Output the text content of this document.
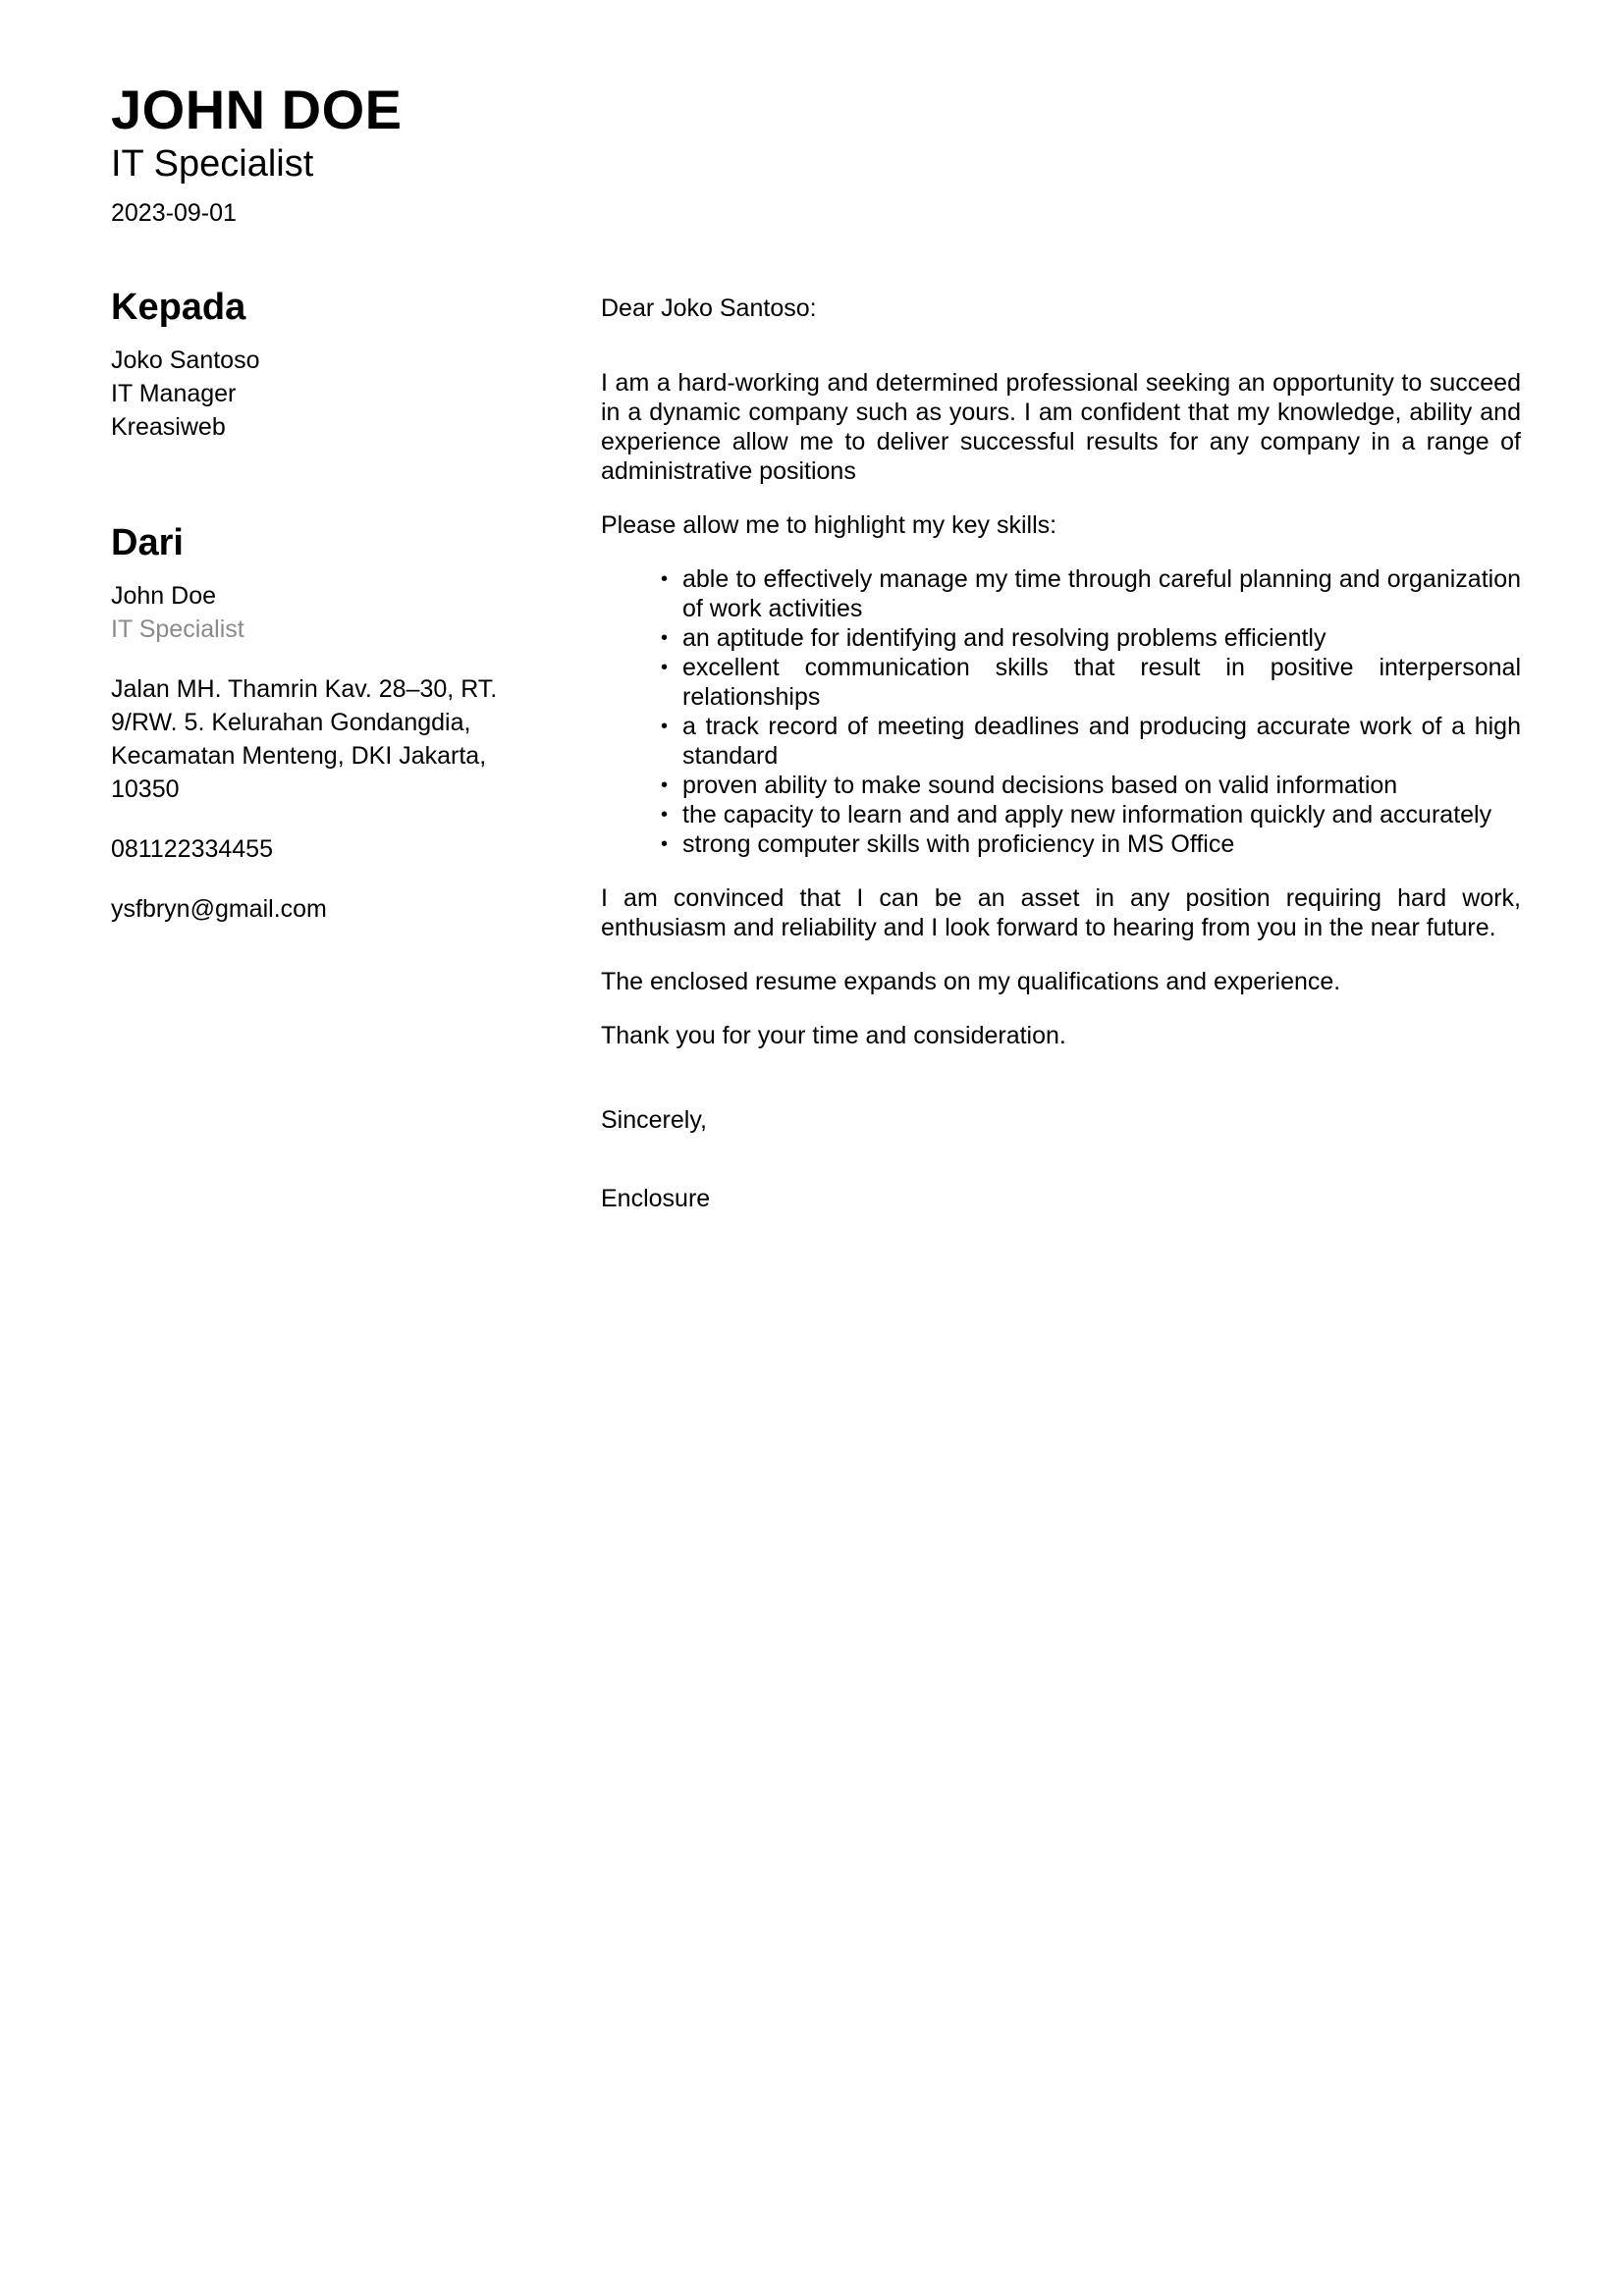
JOHN DOE
IT Specialist
2023-09-01
Kepada
Joko Santoso
IT Manager
Kreasiweb
Dari
John Doe
IT Specialist
Jalan MH. Thamrin Kav. 28–30, RT. 9/RW. 5. Kelurahan Gondangdia, Kecamatan Menteng, DKI Jakarta, 10350
081122334455
ysfbryn@gmail.com

Dear Joko Santoso:

I am a hard-working and determined professional seeking an opportunity to succeed in a dynamic company such as yours. I am confident that my knowledge, ability and experience allow me to deliver successful results for any company in a range of administrative positions

Please allow me to highlight my key skills:

• able to effectively manage my time through careful planning and organization of work activities
• an aptitude for identifying and resolving problems efficiently
• excellent communication skills that result in positive interpersonal relationships
• a track record of meeting deadlines and producing accurate work of a high standard
• proven ability to make sound decisions based on valid information
• the capacity to learn and and apply new information quickly and accurately
• strong computer skills with proficiency in MS Office

I am convinced that I can be an asset in any position requiring hard work, enthusiasm and reliability and I look forward to hearing from you in the near future.

The enclosed resume expands on my qualifications and experience.

Thank you for your time and consideration.

Sincerely,

Enclosure
